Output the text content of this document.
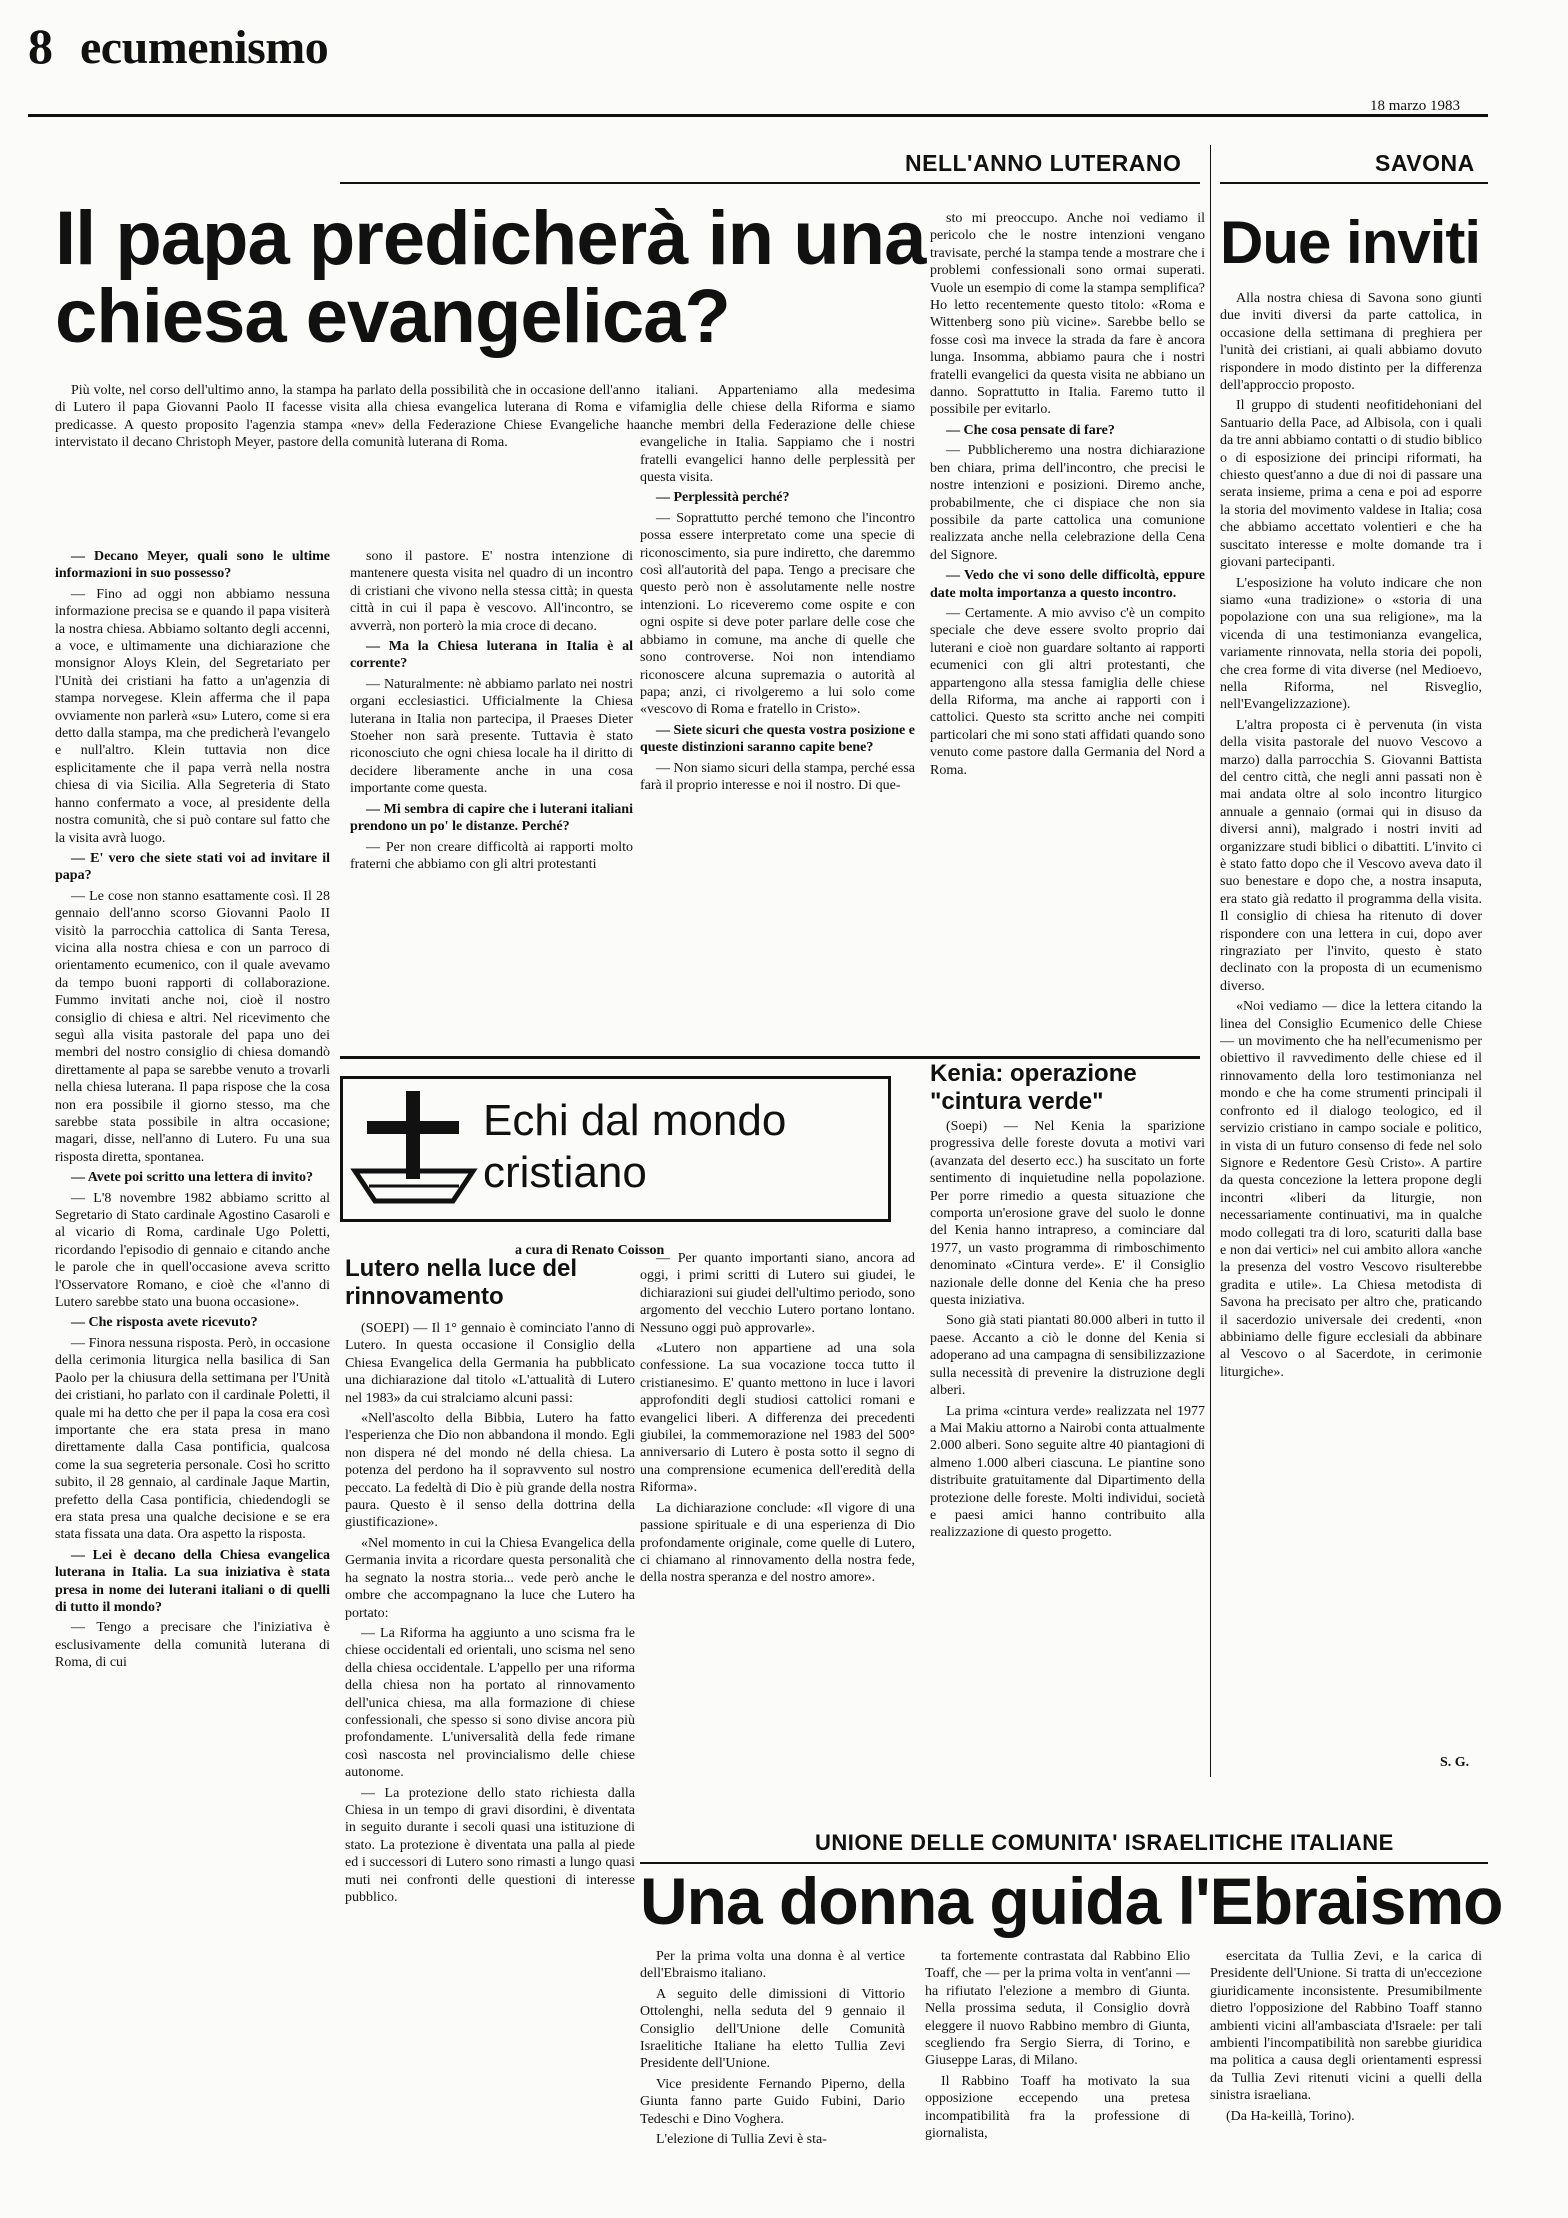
8 ecumenismo
18 marzo 1983
NELL'ANNO LUTERANO
Il papa predicherà in una chiesa evangelica?

Più volte, nel corso dell'ultimo anno, la stampa ha parlato della possibilità che in occasione dell'anno di Lutero il papa Giovanni Paolo II facesse visita alla chiesa evangelica luterana di Roma e vi predicasse. A questo proposito l'agenzia stampa «nev» della Federazione Chiese Evangeliche ha intervistato il decano Christoph Meyer, pastore della comunità luterana di Roma.

— Decano Meyer, quali sono le ultime informazioni in suo possesso?

— Fino ad oggi non abbiamo nessuna informazione precisa se e quando il papa visiterà la nostra chiesa. Abbiamo soltanto degli accenni, a voce, e ultimamente una dichiarazione che monsignor Aloys Klein, del Segretariato per l'Unità dei cristiani ha fatto a un'agenzia di stampa norvegese. Klein afferma che il papa ovviamente non parlerà «su» Lutero, come si era detto dalla stampa, ma che predicherà l'evangelo e null'altro. Klein tuttavia non dice esplicitamente che il papa verrà nella nostra chiesa di via Sicilia. Alla Segreteria di Stato hanno confermato a voce, al presidente della nostra comunità, che si può contare sul fatto che la visita avrà luogo.

— E' vero che siete stati voi ad invitare il papa?

— Le cose non stanno esattamente così. Il 28 gennaio dell'anno scorso Giovanni Paolo II visitò la parrocchia cattolica di Santa Teresa, vicina alla nostra chiesa e con un parroco di orientamento ecumenico, con il quale avevamo da tempo buoni rapporti di collaborazione. Fummo invitati anche noi, cioè il nostro consiglio di chiesa e altri. Nel ricevimento che seguì alla visita pastorale del papa uno dei membri del nostro consiglio di chiesa domandò direttamente al papa se sarebbe venuto a trovarli nella chiesa luterana. Il papa rispose che la cosa non era possibile il giorno stesso, ma che sarebbe stata possibile in altra occasione; magari, disse, nell'anno di Lutero. Fu una sua risposta diretta, spontanea.

— Avete poi scritto una lettera di invito?

— L'8 novembre 1982 abbiamo scritto al Segretario di Stato cardinale Agostino Casaroli e al vicario di Roma, cardinale Ugo Poletti, ricordando l'episodio di gennaio e citando anche le parole che in quell'occasione aveva scritto l'Osservatore Romano, e cioè che «l'anno di Lutero sarebbe stato una buona occasione».

— Che risposta avete ricevuto?

— Finora nessuna risposta. Però, in occasione della cerimonia liturgica nella basilica di San Paolo per la chiusura della settimana per l'Unità dei cristiani, ho parlato con il cardinale Poletti, il quale mi ha detto che per il papa la cosa era così importante che era stata presa in mano direttamente dalla Casa pontificia, qualcosa come la sua segreteria personale. Così ho scritto subito, il 28 gennaio, al cardinale Jaque Martin, prefetto della Casa pontificia, chiedendogli se era stata presa una qualche decisione e se era stata fissata una data. Ora aspetto la risposta.

— Lei è decano della Chiesa evangelica luterana in Italia. La sua iniziativa è stata presa in nome dei luterani italiani o di quelli di tutto il mondo?

— Tengo a precisare che l'iniziativa è esclusivamente della comunità luterana di Roma, di cui

sono il pastore. E' nostra intenzione di mantenere questa visita nel quadro di un incontro di cristiani che vivono nella stessa città; in questa città in cui il papa è vescovo. All'incontro, se avverrà, non porterò la mia croce di decano.

— Ma la Chiesa luterana in Italia è al corrente?

— Naturalmente: nè abbiamo parlato nei nostri organi ecclesiastici. Ufficialmente la Chiesa luterana in Italia non partecipa, il Praeses Dieter Stoeher non sarà presente. Tuttavia è stato riconosciuto che ogni chiesa locale ha il diritto di decidere liberamente anche in una cosa importante come questa.

— Mi sembra di capire che i luterani italiani prendono un po' le distanze. Perché?

— Per non creare difficoltà ai rapporti molto fraterni che abbiamo con gli altri protestanti

italiani. Apparteniamo alla medesima famiglia delle chiese della Riforma e siamo anche membri della Federazione delle chiese evangeliche in Italia. Sappiamo che i nostri fratelli evangelici hanno delle perplessità per questa visita.

— Perplessità perché?

— Soprattutto perché temono che l'incontro possa essere interpretato come una specie di riconoscimento, sia pure indiretto, che daremmo così all'autorità del papa. Tengo a precisare che questo però non è assolutamente nelle nostre intenzioni. Lo riceveremo come ospite e con ogni ospite si deve poter parlare delle cose che abbiamo in comune, ma anche di quelle che sono controverse. Noi non intendiamo riconoscere alcuna supremazia o autorità al papa; anzi, ci rivolgeremo a lui solo come «vescovo di Roma e fratello in Cristo».

— Siete sicuri che questa vostra posizione e queste distinzioni saranno capite bene?

— Non siamo sicuri della stampa, perché essa farà il proprio interesse e noi il nostro. Di que-

sto mi preoccupo. Anche noi vediamo il pericolo che le nostre intenzioni vengano travisate, perché la stampa tende a mostrare che i problemi confessionali sono ormai superati. Vuole un esempio di come la stampa semplifica? Ho letto recentemente questo titolo: «Roma e Wittenberg sono più vicine». Sarebbe bello se fosse così ma invece la strada da fare è ancora lunga. Insomma, abbiamo paura che i nostri fratelli evangelici da questa visita ne abbiano un danno. Soprattutto in Italia. Faremo tutto il possibile per evitarlo.

— Che cosa pensate di fare?

— Pubblicheremo una nostra dichiarazione ben chiara, prima dell'incontro, che precisi le nostre intenzioni e posizioni. Diremo anche, probabilmente, che ci dispiace che non sia possibile da parte cattolica una comunione realizzata anche nella celebrazione della Cena del Signore.

— Vedo che vi sono delle difficoltà, eppure date molta importanza a questo incontro.

— Certamente. A mio avviso c'è un compito speciale che deve essere svolto proprio dai luterani e cioè non guardare soltanto ai rapporti ecumenici con gli altri protestanti, che appartengono alla stessa famiglia delle chiese della Riforma, ma anche ai rapporti con i cattolici. Questo sta scritto anche nei compiti particolari che mi sono stati affidati quando sono venuto come pastore dalla Germania del Nord a Roma.

SAVONA
Due inviti

Alla nostra chiesa di Savona sono giunti due inviti diversi da parte cattolica, in occasione della settimana di preghiera per l'unità dei cristiani, ai quali abbiamo dovuto rispondere in modo distinto per la differenza dell'approccio proposto.

Il gruppo di studenti neofitidehoniani del Santuario della Pace, ad Albisola, con i quali da tre anni abbiamo contatti o di studio biblico o di esposizione dei principi riformati, ha chiesto quest'anno a due di noi di passare una serata insieme, prima a cena e poi ad esporre la storia del movimento valdese in Italia; cosa che abbiamo accettato volentieri e che ha suscitato interesse e molte domande tra i giovani partecipanti.

L'esposizione ha voluto indicare che non siamo «una tradizione» o «storia di una popolazione con una sua religione», ma la vicenda di una testimonianza evangelica, variamente rinnovata, nella storia dei popoli, che crea forme di vita diverse (nel Medioevo, nella Riforma, nel Risveglio, nell'Evangelizzazione).

L'altra proposta ci è pervenuta (in vista della visita pastorale del nuovo Vescovo a marzo) dalla parrocchia S. Giovanni Battista del centro città, che negli anni passati non è mai andata oltre al solo incontro liturgico annuale a gennaio (ormai qui in disuso da diversi anni), malgrado i nostri inviti ad organizzare studi biblici o dibattiti. L'invito ci è stato fatto dopo che il Vescovo aveva dato il suo benestare e dopo che, a nostra insaputa, era stato già redatto il programma della visita. Il consiglio di chiesa ha ritenuto di dover rispondere con una lettera in cui, dopo aver ringraziato per l'invito, questo è stato declinato con la proposta di un ecumenismo diverso.

«Noi vediamo — dice la lettera citando la linea del Consiglio Ecumenico delle Chiese — un movimento che ha nell'ecumenismo per obiettivo il ravvedimento delle chiese ed il rinnovamento della loro testimonianza nel mondo e che ha come strumenti principali il confronto ed il dialogo teologico, ed il servizio cristiano in campo sociale e politico, in vista di un futuro consenso di fede nel solo Signore e Redentore Gesù Cristo». A partire da questa concezione la lettera propone degli incontri «liberi da liturgie, non necessariamente continuativi, ma in qualche modo collegati tra di loro, scaturiti dalla base e non dai vertici» nel cui ambito allora «anche la presenza del vostro Vescovo risulterebbe gradita e utile». La Chiesa metodista di Savona ha precisato per altro che, praticando il sacerdozio universale dei credenti, «non abbiniamo delle figure ecclesiali da abbinare al Vescovo o al Sacerdote, in cerimonie liturgiche».

S. G.
Echi dal mondo cristiano
a cura di Renato Coisson
Lutero nella luce del rinnovamento

(SOEPI) — Il 1° gennaio è cominciato l'anno di Lutero. In questa occasione il Consiglio della Chiesa Evangelica della Germania ha pubblicato una dichiarazione dal titolo «L'attualità di Lutero nel 1983» da cui stralciamo alcuni passi:

«Nell'ascolto della Bibbia, Lutero ha fatto l'esperienza che Dio non abbandona il mondo. Egli non dispera né del mondo né della chiesa. La potenza del perdono ha il sopravvento sul nostro peccato. La fedeltà di Dio è più grande della nostra paura. Questo è il senso della dottrina della giustificazione».

«Nel momento in cui la Chiesa Evangelica della Germania invita a ricordare questa personalità che ha segnato la nostra storia... vede però anche le ombre che accompagnano la luce che Lutero ha portato:

— La Riforma ha aggiunto a uno scisma fra le chiese occidentali ed orientali, uno scisma nel seno della chiesa occidentale. L'appello per una riforma della chiesa non ha portato al rinnovamento dell'unica chiesa, ma alla formazione di chiese confessionali, che spesso si sono divise ancora più profondamente. L'universalità della fede rimane così nascosta nel provincialismo delle chiese autonome.

— La protezione dello stato richiesta dalla Chiesa in un tempo di gravi disordini, è diventata in seguito durante i secoli quasi una istituzione di stato. La protezione è diventata una palla al piede ed i successori di Lutero sono rimasti a lungo quasi muti nei confronti delle questioni di interesse pubblico.

— Per quanto importanti siano, ancora ad oggi, i primi scritti di Lutero sui giudei, le dichiarazioni sui giudei dell'ultimo periodo, sono argomento del vecchio Lutero portano lontano. Nessuno oggi può approvarle».

«Lutero non appartiene ad una sola confessione. La sua vocazione tocca tutto il cristianesimo. E' quanto mettono in luce i lavori approfonditi degli studiosi cattolici romani e evangelici liberi. A differenza dei precedenti giubilei, la commemorazione nel 1983 del 500° anniversario di Lutero è posta sotto il segno di una comprensione ecumenica dell'eredità della Riforma».

La dichiarazione conclude: «Il vigore di una passione spirituale e di una esperienza di Dio profondamente originale, come quelle di Lutero, ci chiamano al rinnovamento della nostra fede, della nostra speranza e del nostro amore».

Kenia: operazione "cintura verde"

(Soepi) — Nel Kenia la sparizione progressiva delle foreste dovuta a motivi vari (avanzata del deserto ecc.) ha suscitato un forte sentimento di inquietudine nella popolazione. Per porre rimedio a questa situazione che comporta un'erosione grave del suolo le donne del Kenia hanno intrapreso, a cominciare dal 1977, un vasto programma di rimboschimento denominato «Cintura verde». E' il Consiglio nazionale delle donne del Kenia che ha preso questa iniziativa.

Sono già stati piantati 80.000 alberi in tutto il paese. Accanto a ciò le donne del Kenia si adoperano ad una campagna di sensibilizzazione sulla necessità di prevenire la distruzione degli alberi.

La prima «cintura verde» realizzata nel 1977 a Mai Makiu attorno a Nairobi conta attualmente 2.000 alberi. Sono seguite altre 40 piantagioni di almeno 1.000 alberi ciascuna. Le piantine sono distribuite gratuitamente dal Dipartimento della protezione delle foreste. Molti individui, società e paesi amici hanno contribuito alla realizzazione di questo progetto.

UNIONE DELLE COMUNITA' ISRAELITICHE ITALIANE
Una donna guida l'Ebraismo

Per la prima volta una donna è al vertice dell'Ebraismo italiano.

A seguito delle dimissioni di Vittorio Ottolenghi, nella seduta del 9 gennaio il Consiglio dell'Unione delle Comunità Israelitiche Italiane ha eletto Tullia Zevi Presidente dell'Unione.

Vice presidente Fernando Piperno, della Giunta fanno parte Guido Fubini, Dario Tedeschi e Dino Voghera.

L'elezione di Tullia Zevi è sta-

ta fortemente contrastata dal Rabbino Elio Toaff, che — per la prima volta in vent'anni — ha rifiutato l'elezione a membro di Giunta. Nella prossima seduta, il Consiglio dovrà eleggere il nuovo Rabbino membro di Giunta, scegliendo fra Sergio Sierra, di Torino, e Giuseppe Laras, di Milano.

Il Rabbino Toaff ha motivato la sua opposizione eccependo una pretesa incompatibilità fra la professione di giornalista,

esercitata da Tullia Zevi, e la carica di Presidente dell'Unione. Si tratta di un'eccezione giuridicamente inconsistente. Presumibilmente dietro l'opposizione del Rabbino Toaff stanno ambienti vicini all'ambasciata d'Israele: per tali ambienti l'incompatibilità non sarebbe giuridica ma politica a causa degli orientamenti espressi da Tullia Zevi ritenuti vicini a quelli della sinistra israeliana.

(Da Ha-keillà, Torino).
